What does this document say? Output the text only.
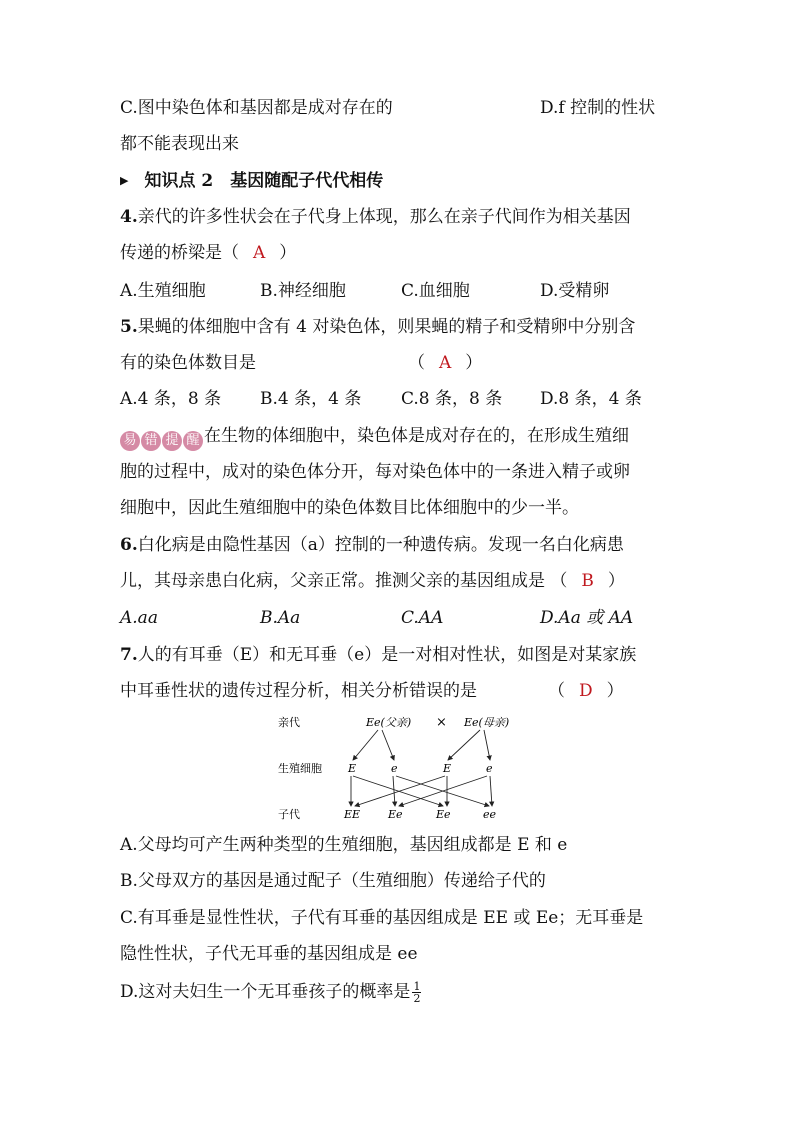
C.图中染色体和基因都是成对存在的	D.f 控制的性状
都不能表现出来
▶ 知识点 2　基因随配子代代相传
4.亲代的许多性状会在子代身上体现，那么在亲子代间作为相关基因
传递的桥梁是（ A ）
A.生殖细胞	B.神经细胞	C.血细胞	D.受精卵
5.果蝇的体细胞中含有 4 对染色体，则果蝇的精子和受精卵中分别含
有的染色体数目是	（ A ）
A.4 条，8 条 B.4 条，4 条 C.8 条，8 条 D.8 条，4 条
易 错 提 醒 在生物的体细胞中，染色体是成对存在的，在形成生殖细
胞的过程中，成对的染色体分开，每对染色体中的一条进入精子或卵
细胞中，因此生殖细胞中的染色体数目比体细胞中的少一半。
6.白化病是由隐性基因（a）控制的一种遗传病。发现一名白化病患
儿，其母亲患白化病，父亲正常。推测父亲的基因组成是 （ B ）
A.aa	B.Aa	C.AA	D.Aa 或 AA
7.人的有耳垂（E）和无耳垂（e）是一对相对性状，如图是对某家族
中耳垂性状的遗传过程分析，相关分析错误的是	（ D ）
亲代
生殖细胞
子代
Ee(父亲) × Ee(母亲)
E	e	E	e
EE	Ee	Ee	ee
A.父母均可产生两种类型的生殖细胞，基因组成都是 E 和 e
B.父母双方的基因是通过配子（生殖细胞）传递给子代的
C.有耳垂是显性性状，子代有耳垂的基因组成是 EE 或 Ee；无耳垂是
隐性性状，子代无耳垂的基因组成是 ee
D.这对夫妇生一个无耳垂孩子的概率是 $\frac{1}{2}$
